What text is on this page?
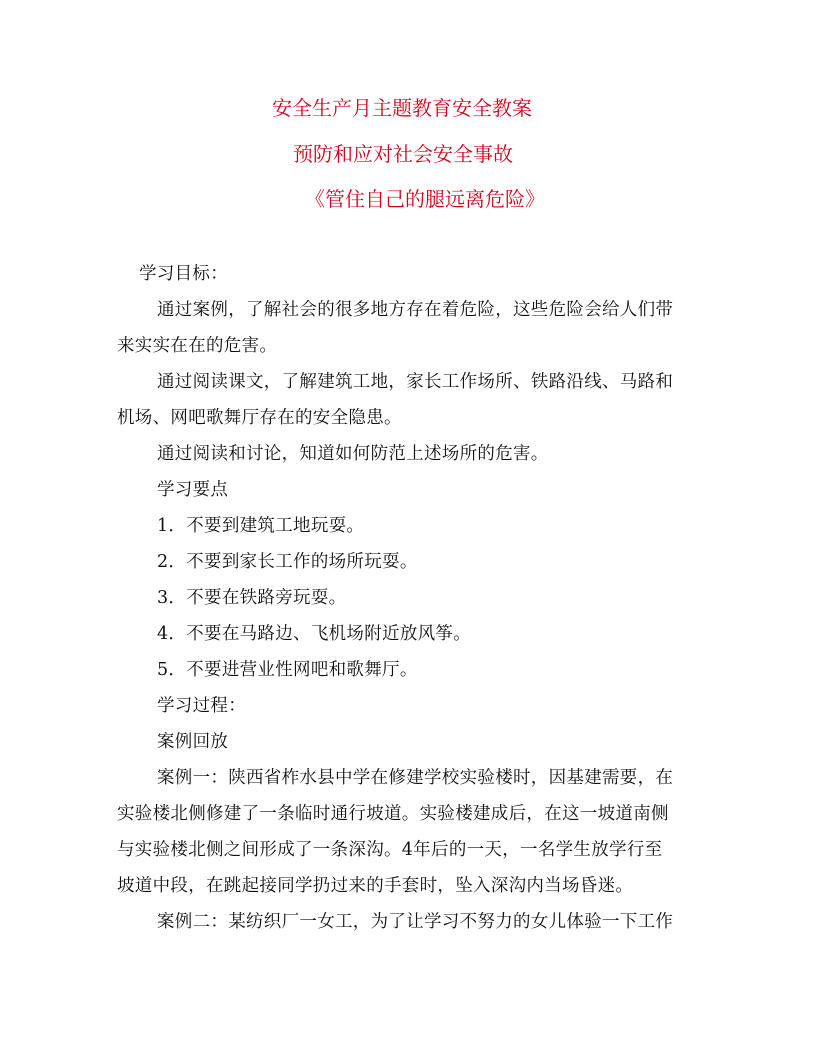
安全生产月主题教育安全教案
预防和应对社会安全事故
《管住自己的腿远离危险》
学习目标：
通过案例，了解社会的很多地方存在着危险，这些危险会给人们带
来实实在在的危害。
通过阅读课文，了解建筑工地，家长工作场所、铁路沿线、马路和
机场、网吧歌舞厅存在的安全隐患。
通过阅读和讨论，知道如何防范上述场所的危害。
学习要点
1．不要到建筑工地玩耍。
2．不要到家长工作的场所玩耍。
3．不要在铁路旁玩耍。
4．不要在马路边、飞机场附近放风筝。
5．不要进营业性网吧和歌舞厅。
学习过程：
案例回放
案例一：陕西省柞水县中学在修建学校实验楼时，因基建需要，在
实验楼北侧修建了一条临时通行坡道。实验楼建成后，在这一坡道南侧
与实验楼北侧之间形成了一条深沟。4年后的一天，一名学生放学行至
坡道中段，在跳起接同学扔过来的手套时，坠入深沟内当场昏迷。
案例二：某纺织厂一女工，为了让学习不努力的女儿体验一下工作
